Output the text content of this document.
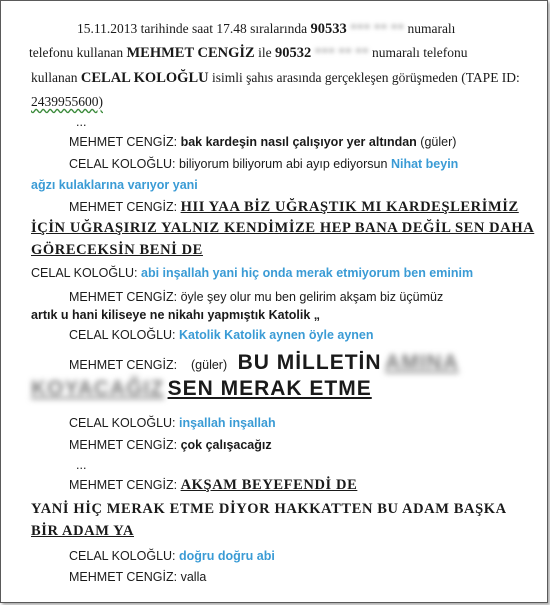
15.11.2013 tarihinde saat 17.48 sıralarında 90533 *** ** ** numaralı
telefonu kullanan MEHMET CENGİZ ile 90532 *** ** ** numaralı telefonu
kullanan CELAL KOLOĞLU isimli şahıs arasında gerçekleşen görüşmeden (TAPE ID:
2439955600)
...
MEHMET CENGİZ: bak kardeşin nasıl çalışıyor yer altından (güler)
CELAL KOLOĞLU: biliyorum biliyorum abi ayıp ediyorsun Nihat beyin
ağzı kulaklarına varıyor yani
MEHMET CENGİZ: HII YAA BİZ UĞRAŞTIK MI KARDEŞLERİMİZ
İÇİN UĞRAŞIRIZ YALNIZ KENDİMİZE HEP BANA DEĞİL SEN DAHA
GÖRECEKSİN BENİ DE
CELAL KOLOĞLU: abi inşallah yani hiç onda merak etmiyorum ben eminim
MEHMET CENGİZ: öyle şey olur mu ben gelirim akşam biz üçümüz
artık u hani kiliseye ne nikahı yapmıştık Katolik „
CELAL KOLOĞLU: Katolik Katolik aynen öyle aynen
MEHMET CENGİZ: (güler) BU MİLLETİN AMINA
KOYACAĞIZ SEN MERAK ETME
CELAL KOLOĞLU: inşallah inşallah
MEHMET CENGİZ: çok çalışacağız
...
MEHMET CENGİZ: AKŞAM BEYEFENDİ DE
YANİ HİÇ MERAK ETME DİYOR HAKKATTEN BU ADAM BAŞKA
BİR ADAM YA
CELAL KOLOĞLU: doğru doğru abi
MEHMET CENGİZ: valla
